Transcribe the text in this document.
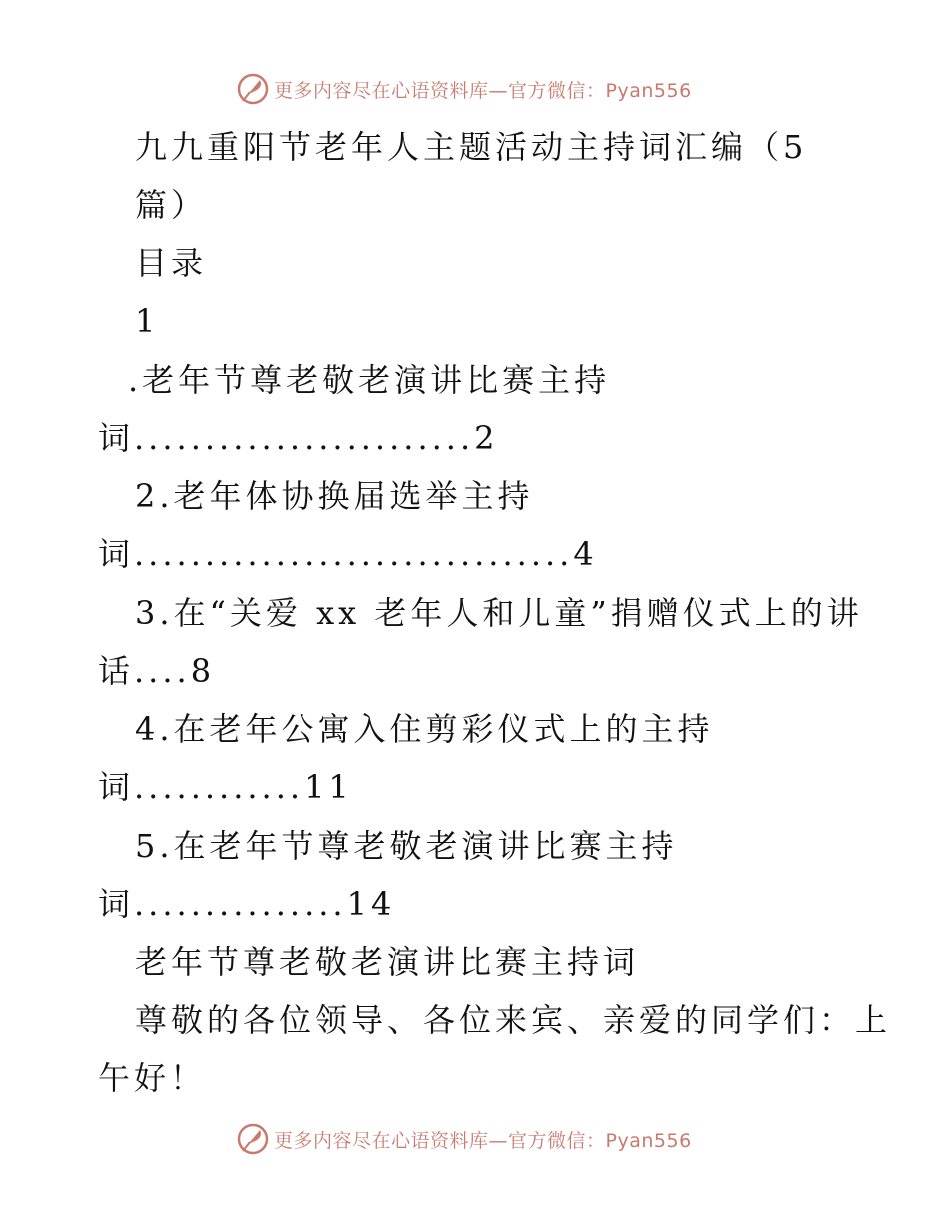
更多内容尽在心语资料库—官方微信：Pyan556
九九重阳节老年人主题活动主持词汇编（5
篇）
目录
1
.老年节尊老敬老演讲比赛主持
词........................2
2.老年体协换届选举主持
词...............................4
3.在“关爱 xx 老年人和儿童”捐赠仪式上的讲
话....8
4.在老年公寓入住剪彩仪式上的主持
词............11
5.在老年节尊老敬老演讲比赛主持
词...............14
老年节尊老敬老演讲比赛主持词
尊敬的各位领导、各位来宾、亲爱的同学们：上
午好！
更多内容尽在心语资料库—官方微信：Pyan556
